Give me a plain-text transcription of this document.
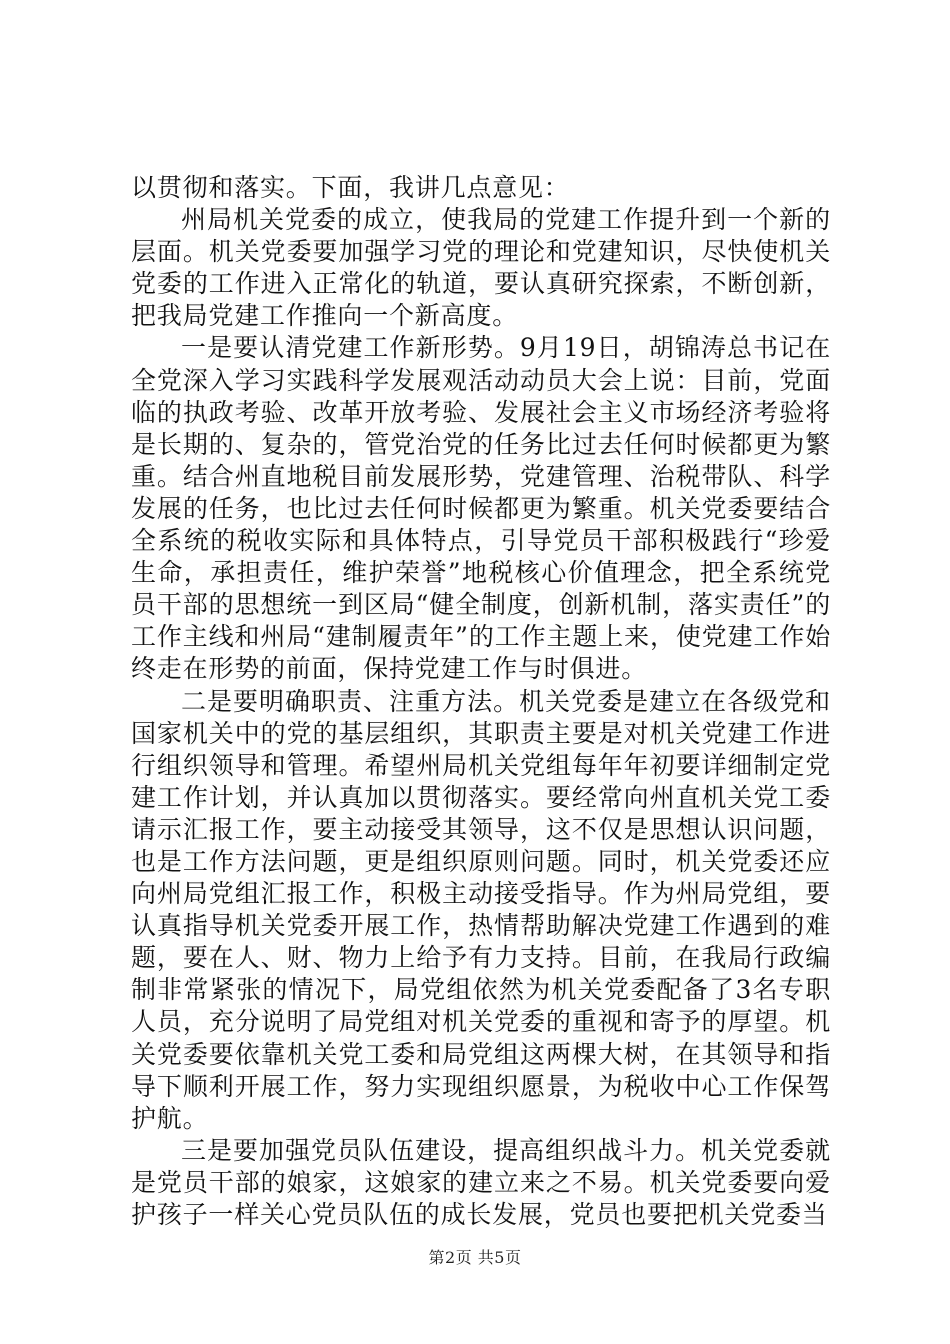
以贯彻和落实。下面，我讲几点意见：

州局机关党委的成立，使我局的党建工作提升到一个新的层面。机关党委要加强学习党的理论和党建知识，尽快使机关党委的工作进入正常化的轨道，要认真研究探索，不断创新，把我局党建工作推向一个新高度。

一是要认清党建工作新形势。9月19日，胡锦涛总书记在全党深入学习实践科学发展观活动动员大会上说：目前，党面临的执政考验、改革开放考验、发展社会主义市场经济考验将是长期的、复杂的，管党治党的任务比过去任何时候都更为繁重。结合州直地税目前发展形势，党建管理、治税带队、科学发展的任务，也比过去任何时候都更为繁重。机关党委要结合全系统的税收实际和具体特点，引导党员干部积极践行“珍爱生命，承担责任，维护荣誉”地税核心价值理念，把全系统党员干部的思想统一到区局“健全制度，创新机制，落实责任”的工作主线和州局“建制履责年”的工作主题上来，使党建工作始终走在形势的前面，保持党建工作与时俱进。

二是要明确职责、注重方法。机关党委是建立在各级党和国家机关中的党的基层组织，其职责主要是对机关党建工作进行组织领导和管理。希望州局机关党组每年年初要详细制定党建工作计划，并认真加以贯彻落实。要经常向州直机关党工委请示汇报工作，要主动接受其领导，这不仅是思想认识问题，也是工作方法问题，更是组织原则问题。同时，机关党委还应向州局党组汇报工作，积极主动接受指导。作为州局党组，要认真指导机关党委开展工作，热情帮助解决党建工作遇到的难题，要在人、财、物力上给予有力支持。目前，在我局行政编制非常紧张的情况下，局党组依然为机关党委配备了3名专职人员，充分说明了局党组对机关党委的重视和寄予的厚望。机关党委要依靠机关党工委和局党组这两棵大树，在其领导和指导下顺利开展工作，努力实现组织愿景，为税收中心工作保驾护航。

三是要加强党员队伍建设，提高组织战斗力。机关党委就是党员干部的娘家，这娘家的建立来之不易。机关党委要向爱护孩子一样关心党员队伍的成长发展，党员也要把机关党委当

第2页 共5页
